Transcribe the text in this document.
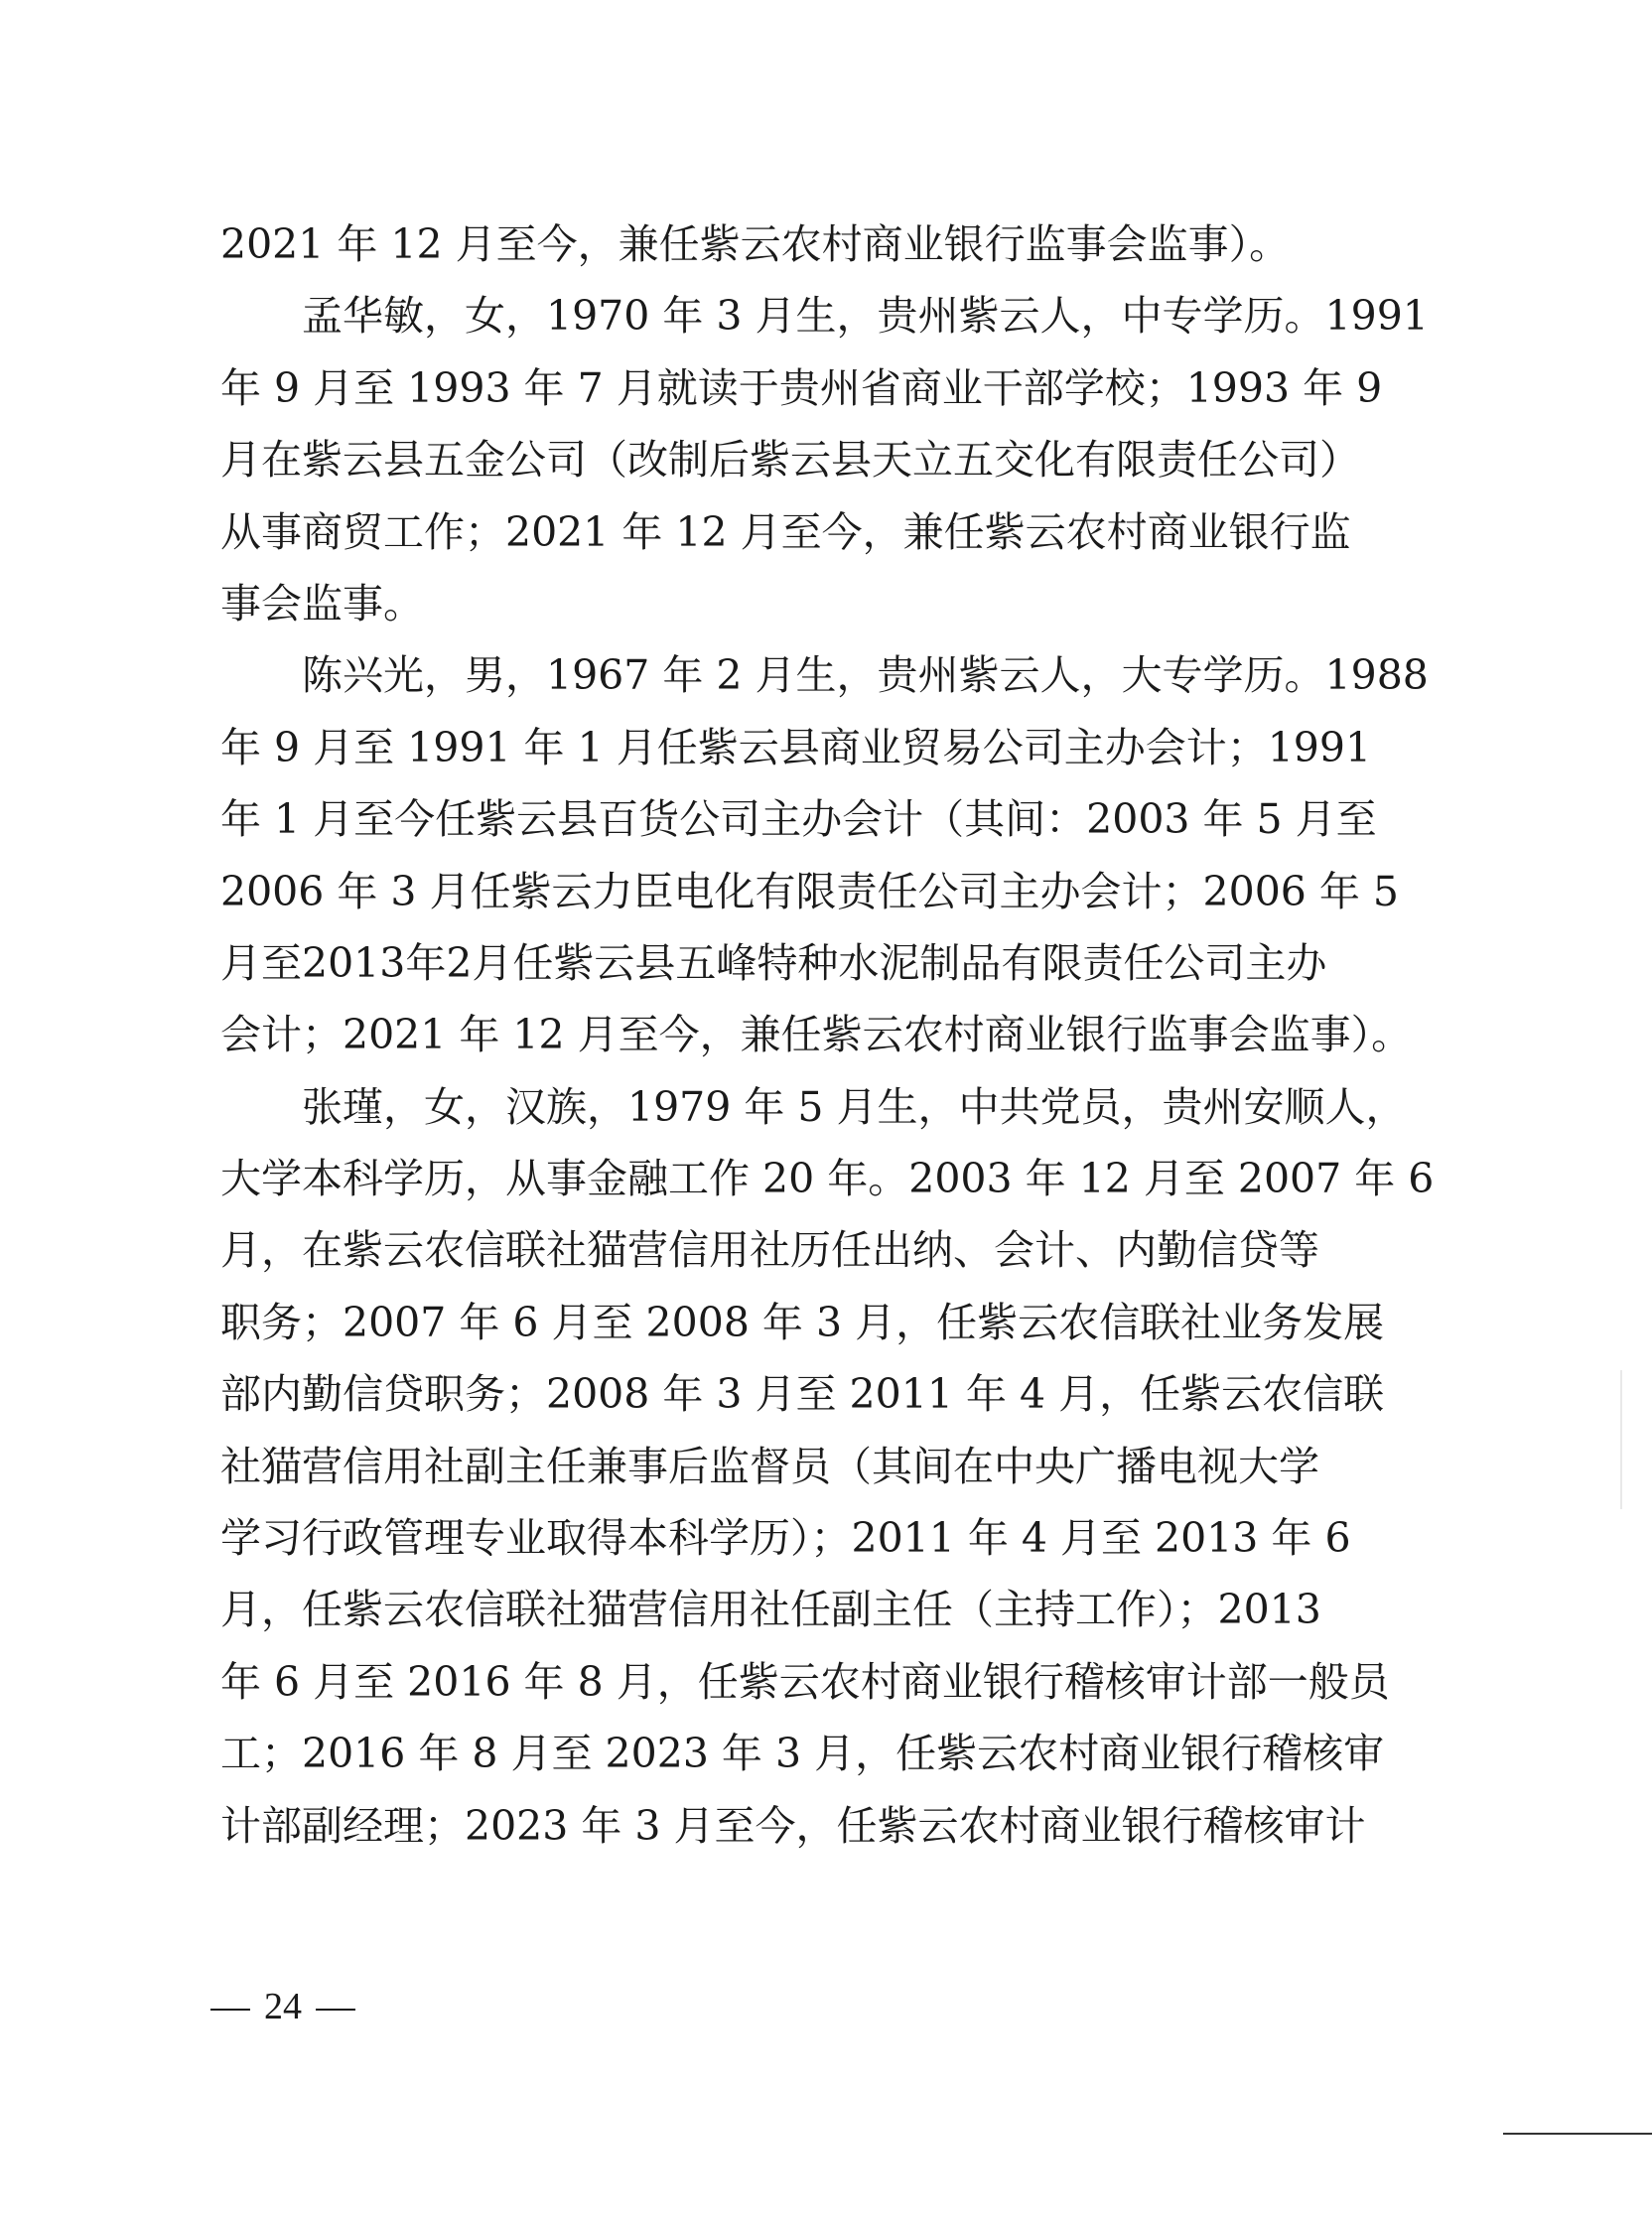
2021 年 12 月至今，兼任紫云农村商业银行监事会监事）。
　　孟华敏，女，1970 年 3 月生，贵州紫云人，中专学历。1991
年 9 月至 1993 年 7 月就读于贵州省商业干部学校；1993 年 9
月在紫云县五金公司（改制后紫云县天立五交化有限责任公司）
从事商贸工作；2021 年 12 月至今，兼任紫云农村商业银行监
事会监事。
　　陈兴光，男，1967 年 2 月生，贵州紫云人，大专学历。1988
年 9 月至 1991 年 1 月任紫云县商业贸易公司主办会计；1991
年 1 月至今任紫云县百货公司主办会计（其间：2003 年 5 月至
2006 年 3 月任紫云力臣电化有限责任公司主办会计；2006 年 5
月至2013年2月任紫云县五峰特种水泥制品有限责任公司主办
会计；2021 年 12 月至今，兼任紫云农村商业银行监事会监事）。
　　张瑾，女，汉族，1979 年 5 月生，中共党员，贵州安顺人，
大学本科学历，从事金融工作 20 年。2003 年 12 月至 2007 年 6
月，在紫云农信联社猫营信用社历任出纳、会计、内勤信贷等
职务；2007 年 6 月至 2008 年 3 月，任紫云农信联社业务发展
部内勤信贷职务；2008 年 3 月至 2011 年 4 月，任紫云农信联
社猫营信用社副主任兼事后监督员（其间在中央广播电视大学
学习行政管理专业取得本科学历）；2011 年 4 月至 2013 年 6
月，任紫云农信联社猫营信用社任副主任（主持工作）；2013
年 6 月至 2016 年 8 月，任紫云农村商业银行稽核审计部一般员
工；2016 年 8 月至 2023 年 3 月，任紫云农村商业银行稽核审
计部副经理；2023 年 3 月至今，任紫云农村商业银行稽核审计
24
